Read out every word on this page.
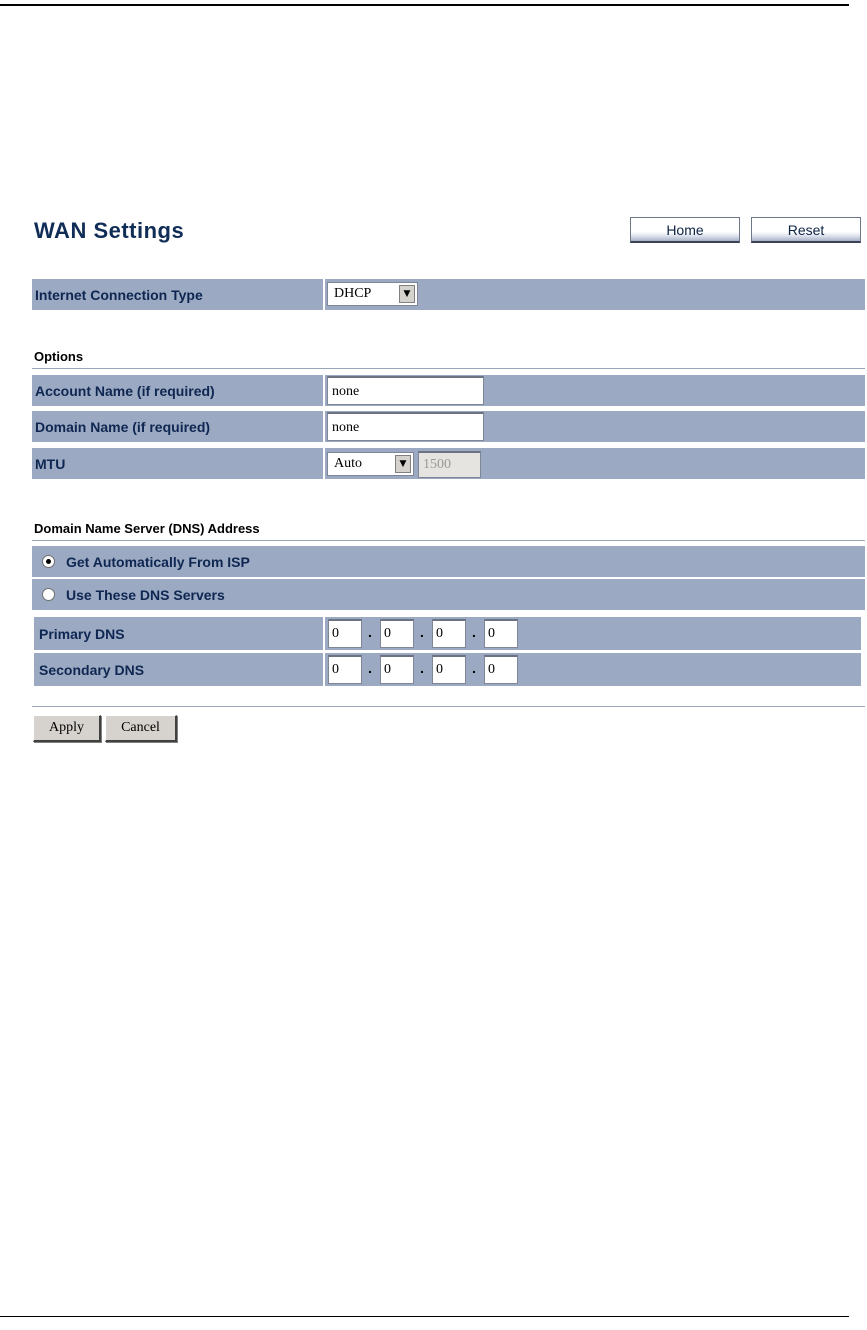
WAN Settings	Home	Reset
Internet Connection Type	DHCP	▼
Options
Account Name (if required)	none
Domain Name (if required)	none
MTU	Auto	▼	1500
Domain Name Server (DNS) Address
Get Automatically From ISP
Use These DNS Servers
Primary DNS	0	. 0	. 0	. 0
Secondary DNS	0	. 0	. 0	. 0
Apply	Cancel
